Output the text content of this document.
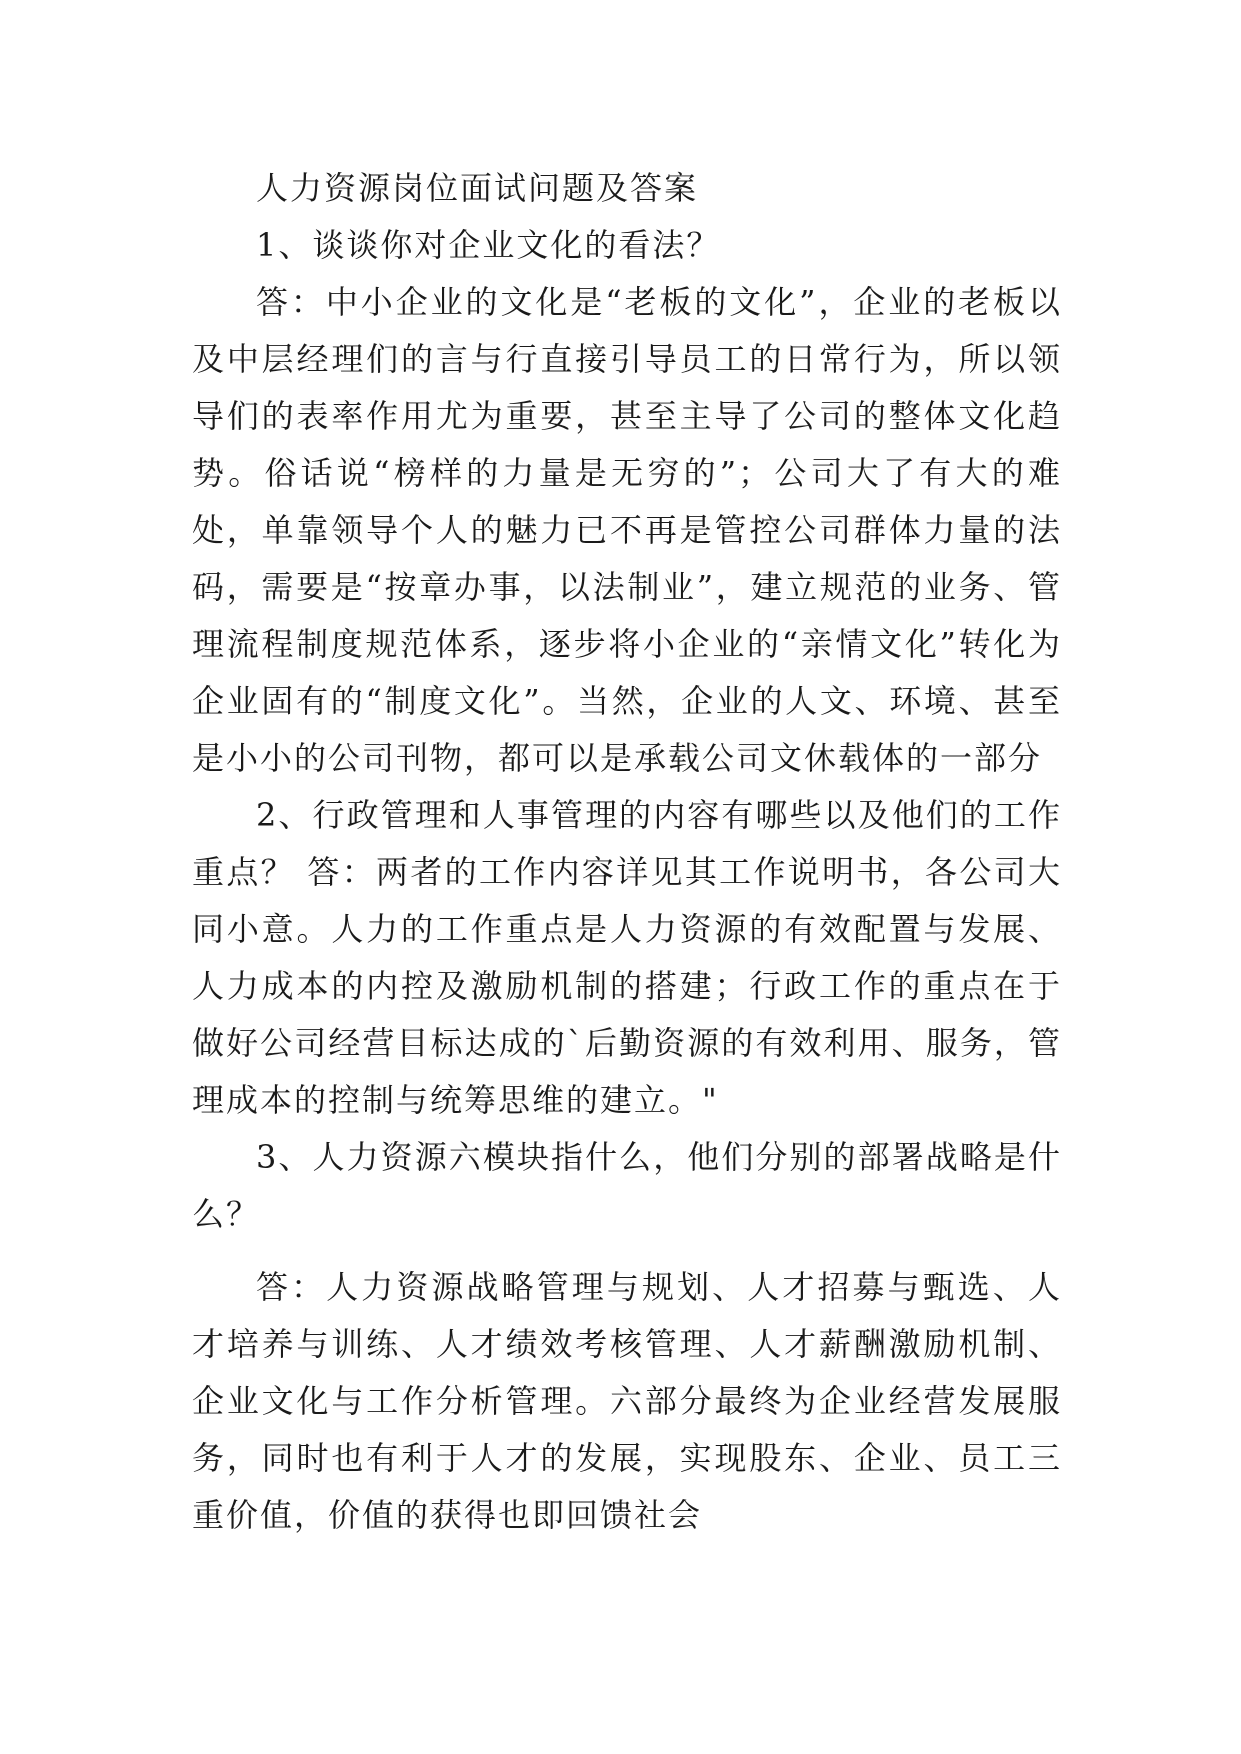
人力资源岗位面试问题及答案

1、谈谈你对企业文化的看法？

答：中小企业的文化是“老板的文化”，企业的老板以及中层经理们的言与行直接引导员工的日常行为，所以领导们的表率作用尤为重要，甚至主导了公司的整体文化趋势。俗话说“榜样的力量是无穷的”；公司大了有大的难处，单靠领导个人的魅力已不再是管控公司群体力量的法码，需要是“按章办事，以法制业”，建立规范的业务、管理流程制度规范体系，逐步将小企业的“亲情文化”转化为企业固有的“制度文化”。当然，企业的人文、环境、甚至是小小的公司刊物，都可以是承载公司文休载体的一部分

2、行政管理和人事管理的内容有哪些以及他们的工作重点？ 答：两者的工作内容详见其工作说明书，各公司大同小意。人力的工作重点是人力资源的有效配置与发展、人力成本的内控及激励机制的搭建；行政工作的重点在于做好公司经营目标达成的`后勤资源的有效利用、服务，管理成本的控制与统筹思维的建立。"

3、人力资源六模块指什么，他们分别的部署战略是什么？

答：人力资源战略管理与规划、人才招募与甄选、人才培养与训练、人才绩效考核管理、人才薪酬激励机制、企业文化与工作分析管理。六部分最终为企业经营发展服务，同时也有利于人才的发展，实现股东、企业、员工三重价值，价值的获得也即回馈社会
